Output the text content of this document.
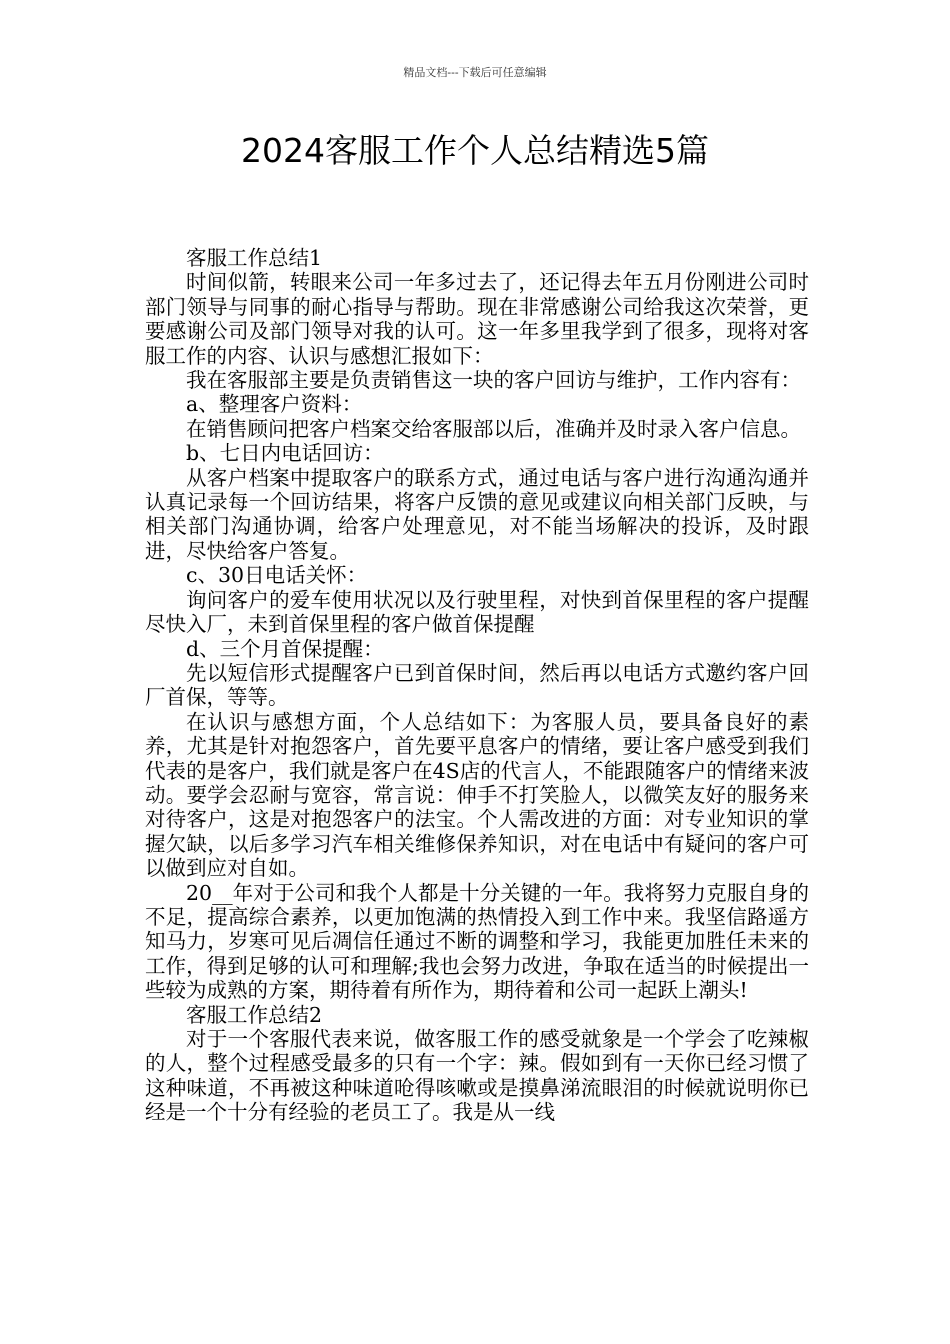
精品文档---下载后可任意编辑
2024客服工作个人总结精选5篇

客服工作总结1

时间似箭，转眼来公司一年多过去了，还记得去年五月份刚进公司时部门领导与同事的耐心指导与帮助。现在非常感谢公司给我这次荣誉，更要感谢公司及部门领导对我的认可。这一年多里我学到了很多，现将对客服工作的内容、认识与感想汇报如下：

我在客服部主要是负责销售这一块的客户回访与维护，工作内容有：

a、整理客户资料：

在销售顾问把客户档案交给客服部以后，准确并及时录入客户信息。

b、七日内电话回访：

从客户档案中提取客户的联系方式，通过电话与客户进行沟通沟通并认真记录每一个回访结果，将客户反馈的意见或建议向相关部门反映，与相关部门沟通协调，给客户处理意见，对不能当场解决的投诉，及时跟进，尽快给客户答复。

c、30日电话关怀：

询问客户的爱车使用状况以及行驶里程，对快到首保里程的客户提醒尽快入厂，未到首保里程的客户做首保提醒

d、三个月首保提醒：

先以短信形式提醒客户已到首保时间，然后再以电话方式邀约客户回厂首保，等等。

在认识与感想方面，个人总结如下：为客服人员，要具备良好的素养，尤其是针对抱怨客户，首先要平息客户的情绪，要让客户感受到我们代表的是客户，我们就是客户在4S店的代言人，不能跟随客户的情绪来波动。要学会忍耐与宽容，常言说：伸手不打笑脸人，以微笑友好的服务来对待客户，这是对抱怨客户的法宝。个人需改进的方面：对专业知识的掌握欠缺，以后多学习汽车相关维修保养知识，对在电话中有疑问的客户可以做到应对自如。

20__年对于公司和我个人都是十分关键的一年。我将努力克服自身的不足，提高综合素养，以更加饱满的热情投入到工作中来。我坚信路遥方知马力，岁寒可见后凋信任通过不断的调整和学习，我能更加胜任未来的工作，得到足够的认可和理解;我也会努力改进，争取在适当的时候提出一些较为成熟的方案，期待着有所作为，期待着和公司一起跃上潮头!

客服工作总结2

对于一个客服代表来说，做客服工作的感受就象是一个学会了吃辣椒的人，整个过程感受最多的只有一个字：辣。假如到有一天你已经习惯了这种味道，不再被这种味道呛得咳嗽或是摸鼻涕流眼泪的时候就说明你已经是一个十分有经验的老员工了。我是从一线
